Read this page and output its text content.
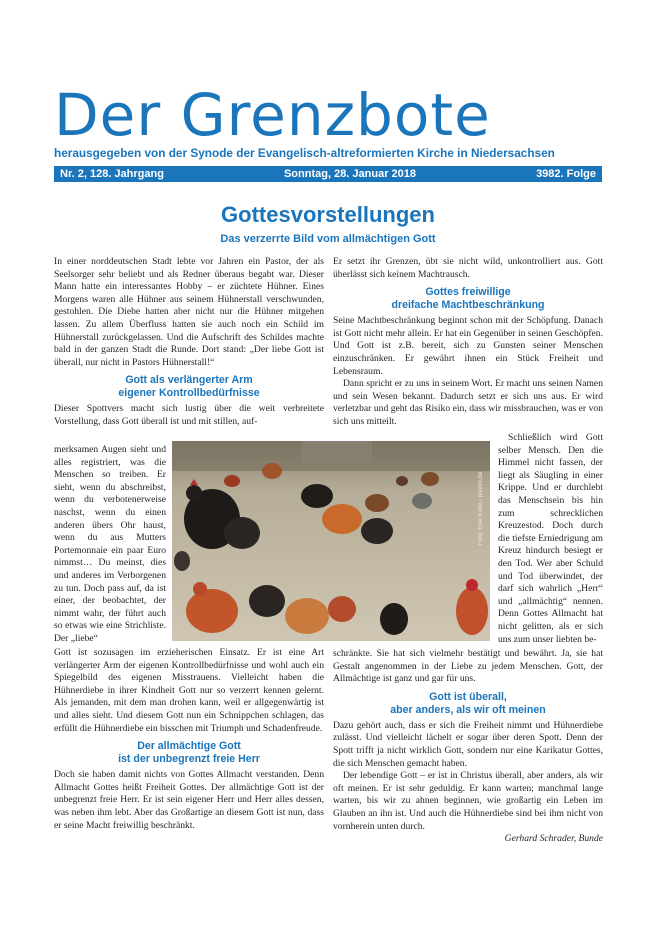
Der Grenzbote
herausgegeben von der Synode der Evangelisch-altreformierten Kirche in Niedersachsen
Nr. 2, 128. Jahrgang	Sonntag, 28. Januar 2018	3982. Folge
Gottesvorstellungen
Das verzerrte Bild vom allmächtigen Gott

In einer norddeutschen Stadt lebte vor Jahren ein Pastor, der als Seelsorger sehr beliebt und als Redner überaus begabt war. Dieser Mann hatte ein interessantes Hobby – er züchtete Hühner. Eines Morgens waren alle Hühner aus seinem Hühnerstall verschwunden, gestohlen. Die Diebe hatten aber nicht nur die Hühner mitgehen lassen. Zu allem Überfluss hatten sie auch noch ein Schild im Hühnerstall zurückgelassen. Und die Aufschrift des Schildes machte bald in der ganzen Stadt die Runde. Dort stand: „Der liebe Gott ist überall, nur nicht in Pastors Hühnerstall!“

Gott als verlängerter Arm
eigener Kontrollbedürfnisse

Dieser Spottvers macht sich lustig über die weit verbreitete Vorstellung, dass Gott überall ist und mit stillen, auf-

merksamen Augen sieht und alles registriert, was die Menschen so treiben. Er sieht, wenn du abschreibst, wenn du verbotenerweise naschst, wenn du einen anderen übers Ohr haust, wenn du aus Mutters Portemonnaie ein paar Euro nimmst… Du meinst, dies und anderes im Verborgenen zu tun. Doch pass auf, da ist einer, der beobachtet, der nimmt wahr, der führt auch so etwas wie eine Strichliste. Der „liebe“

Gott ist sozusagen im erzieherischen Einsatz. Er ist eine Art verlängerter Arm der eigenen Kontrollbedürfnisse und wohl auch ein Spiegelbild des eigenen Misstrauens. Vielleicht haben die Hühnerdiebe in ihrer Kindheit Gott nur so verzerrt kennen gelernt. Als jemanden, mit dem man drohen kann, weil er allgegenwärtig ist und alles sieht. Und diesem Gott nun ein Schnippchen schlagen, das erfüllt die Hühnerdiebe ein bisschen mit Triumph und Schadenfreude.

Der allmächtige Gott
ist der unbegrenzt freie Herr

Doch sie haben damit nichts von Gottes Allmacht verstanden. Denn Allmacht Gottes heißt Freiheit Gottes. Der allmächtige Gott ist der unbegrenzt freie Herr. Er ist sein eigener Herr und Herr alles dessen, was neben ihm lebt. Aber das Großartige an diesem Gott ist nun, dass er seine Macht freiwillig beschränkt.

Er setzt ihr Grenzen, übt sie nicht wild, unkontrolliert aus. Gott überlässt sich keinem Machtrausch.

Gottes freiwillige
dreifache Machtbeschränkung

Seine Machtbeschränkung beginnt schon mit der Schöpfung. Danach ist Gott nicht mehr allein. Er hat ein Gegenüber in seinen Geschöpfen. Und Gott ist z.B. bereit, sich zu Gunsten seiner Menschen einzuschränken. Er gewährt ihnen ein Stück Freiheit und Lebensraum.

Dann spricht er zu uns in seinem Wort. Er macht uns seinen Namen und sein Wesen bekannt. Dadurch setzt er sich uns aus. Er wird verletzbar und geht das Risiko ein, dass wir missbrauchen, was er von sich uns mitteilt.

Schließlich wird Gott selber Mensch. Den die Himmel nicht fassen, der liegt als Säugling in einer Krippe. Und er durchlebt das Menschsein bis hin zum schrecklichen Kreuzestod. Doch durch die tiefste Erniedrigung am Kreuz hindurch besiegt er den Tod. Wer aber Schuld und Tod überwindet, der darf sich wahrlich „Herr“ und „allmächtig“ nennen. Denn Gottes Allmacht hat nicht gelitten, als er sich uns zum unser liebten be-

schränkte. Sie hat sich vielmehr bestätigt und bewährt. Ja, sie hat Gestalt angenommen in der Liebe zu jedem Menschen. Gott, der Allmächtige ist ganz und gar für uns.

Gott ist überall,
aber anders, als wir oft meinen

Dazu gehört auch, dass er sich die Freiheit nimmt und Hühnerdiebe zulässt. Und vielleicht lächelt er sogar über deren Spott. Denn der Spott trifft ja nicht wirklich Gott, sondern nur eine Karikatur Gottes, die sich Menschen gemacht haben.

Der lebendige Gott – er ist in Christus überall, aber anders, als wir oft meinen. Er ist sehr geduldig. Er kann warten; manchmal lange warten, bis wir zu ahnen beginnen, wie großartig ein Leben im Glauben an ihn ist. Und auch die Hühnerdiebe sind bei ihm nicht von vornherein unten durch.

Gerhard Schrader, Bunde

Foto: Elke Kuhn / pixelio.de
